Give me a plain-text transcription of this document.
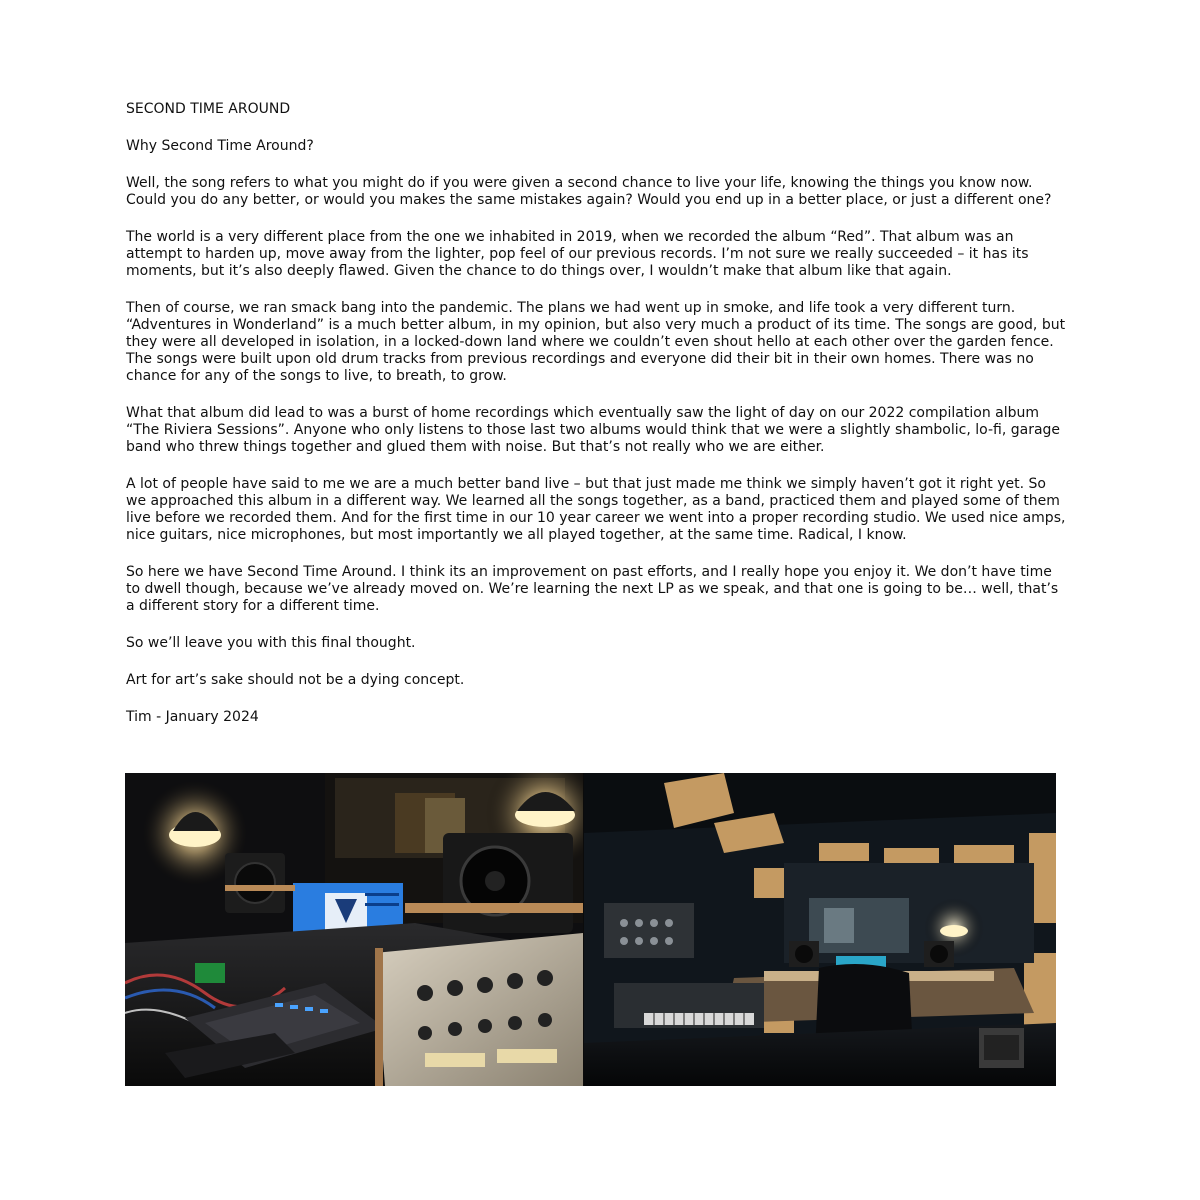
SECOND TIME AROUND

Why Second Time Around?

Well, the song refers to what you might do if you were given a second chance to live your life, knowing the things you know now. Could you do any better, or would you makes the same mistakes again? Would you end up in a better place, or just a different one?

The world is a very different place from the one we inhabited in 2019, when we recorded the album “Red”. That album was an attempt to harden up, move away from the lighter, pop feel of our previous records. I’m not sure we really succeeded – it has its moments, but it’s also deeply flawed. Given the chance to do things over, I wouldn’t make that album like that again.

Then of course, we ran smack bang into the pandemic. The plans we had went up in smoke, and life took a very different turn. “Adventures in Wonderland” is a much better album, in my opinion, but also very much a product of its time. The songs are good, but they were all developed in isolation, in a locked-down land where we couldn’t even shout hello at each other over the garden fence. The songs were built upon old drum tracks from previous recordings and everyone did their bit in their own homes. There was no chance for any of the songs to live, to breath, to grow.

What that album did lead to was a burst of home recordings which eventually saw the light of day on our 2022 compilation album “The Riviera Sessions”. Anyone who only listens to those last two albums would think that we were a slightly shambolic, lo-fi, garage band who threw things together and glued them with noise. But that’s not really who we are either.

A lot of people have said to me we are a much better band live – but that just made me think we simply haven’t got it right yet. So we approached this album in a different way. We learned all the songs together, as a band, practiced them and played some of them live before we recorded them. And for the first time in our 10 year career we went into a proper recording studio. We used nice amps, nice guitars, nice microphones, but most importantly we all played together, at the same time. Radical, I know.

So here we have Second Time Around. I think its an improvement on past efforts, and I really hope you enjoy it. We don’t have time to dwell though, because we’ve already moved on. We’re learning the next LP as we speak, and that one is going to be… well, that’s a different story for a different time.

So we’ll leave you with this final thought.

Art for art’s sake should not be a dying concept.

Tim - January 2024
